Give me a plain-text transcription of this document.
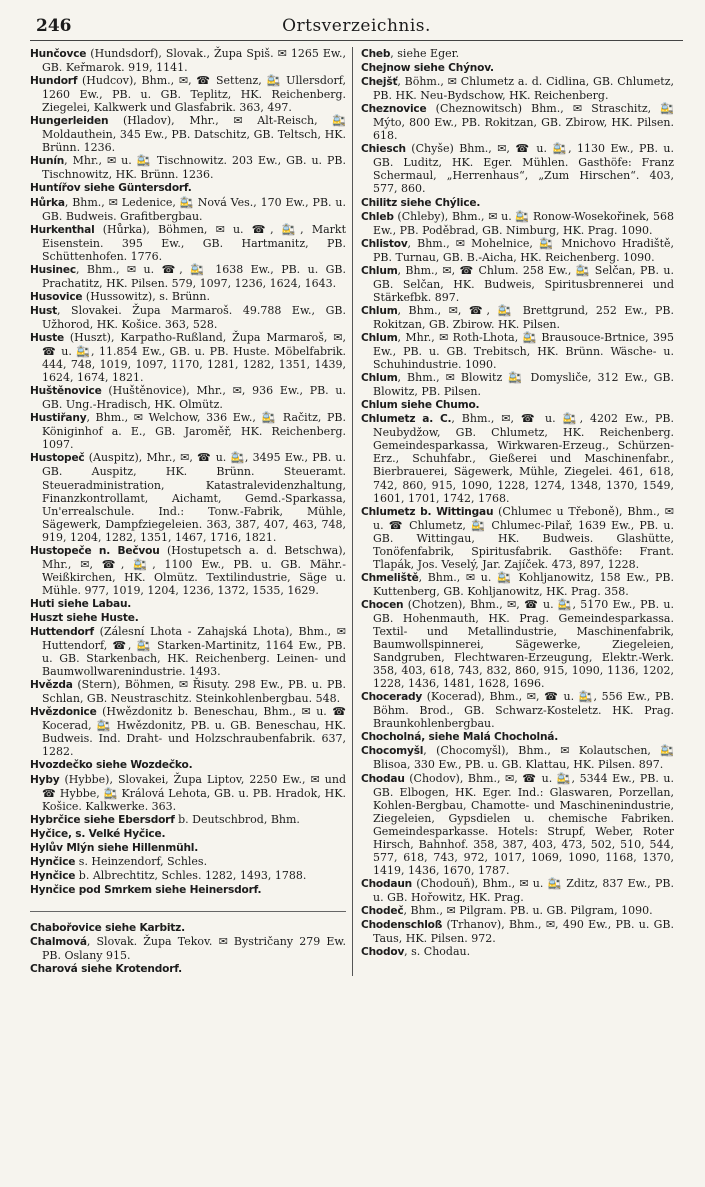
246	Ortsverzeichnis.

Hunčovce (Hundsdorf), Slovak., Župa Spiš. ✉ 1265 Ew., GB. Keřmarok. 919, 1141.

Hundorf (Hudcov), Bhm., ✉, ☎ Settenz, 🚉 Ullersdorf, 1260 Ew., PB. u. GB. Teplitz, HK. Reichenberg. Ziegelei, Kalkwerk und Glasfabrik. 363, 497.

Hungerleiden (Hladov), Mhr., ✉ Alt-Reisch, 🚉 Moldauthein, 345 Ew., PB. Datschitz, GB. Teltsch, HK. Brünn. 1236.

Hunín, Mhr., ✉ u. 🚉 Tischnowitz. 203 Ew., GB. u. PB. Tischnowitz, HK. Brünn. 1236.

Huntířov siehe Güntersdorf.

Hůrka, Bhm., ✉ Ledenice, 🚉 Nová Ves., 170 Ew., PB. u. GB. Budweis. Grafitbergbau.

Hurkenthal (Hůrka), Böhmen, ✉ u. ☎, 🚉, Markt Eisenstein. 395 Ew., GB. Hartmanitz, PB. Schüttenhofen. 1776.

Husinec, Bhm., ✉ u. ☎, 🚉 1638 Ew., PB. u. GB. Prachatitz, HK. Pilsen. 579, 1097, 1236, 1624, 1643.

Husovice (Hussowitz), s. Brünn.

Hust, Slovakei. Župa Marmaroš. 49.788 Ew., GB. Užhorod, HK. Košice. 363, 528.

Huste (Huszt), Karpatho-Rußland, Župa Marmaroš, ✉, ☎ u. 🚉, 11.854 Ew., GB. u. PB. Huste. Möbelfabrik. 444, 748, 1019, 1097, 1170, 1281, 1282, 1351, 1439, 1624, 1674, 1821.

Huštěnovice (Huštěnovice), Mhr., ✉, 936 Ew., PB. u. GB. Ung.-Hradisch, HK. Olmütz.

Hustiřany, Bhm., ✉ Welchow, 336 Ew., 🚉 Račitz, PB. Königinhof a. E., GB. Jaroměř, HK. Reichenberg. 1097.

Hustopeč (Auspitz), Mhr., ✉, ☎ u. 🚉, 3495 Ew., PB. u. GB. Auspitz, HK. Brünn. Steueramt. Steueradministration, Katastralevidenzhaltung, Finanzkontrollamt, Aichamt, Gemd.-Sparkassa, Un'errealschule. Ind.: Tonw.-Fabrik, Mühle, Sägewerk, Dampfziegeleien. 363, 387, 407, 463, 748, 919, 1204, 1282, 1351, 1467, 1716, 1821.

Hustopeče n. Bečvou (Hostupetsch a. d. Betschwa), Mhr., ✉, ☎, 🚉, 1100 Ew., PB. u. GB. Mähr.-Weißkirchen, HK. Olmütz. Textilindustrie, Säge u. Mühle. 977, 1019, 1204, 1236, 1372, 1535, 1629.

Huti siehe Labau.

Huszt siehe Huste.

Huttendorf (Zálesní Lhota - Zahajská Lhota), Bhm., ✉ Huttendorf, ☎, 🚉 Starken-Martinitz, 1164 Ew., PB. u. GB. Starkenbach, HK. Reichenberg. Leinen- und Baumwollwarenindustrie. 1493.

Hvězda (Stern), Böhmen, ✉ Řisuty. 298 Ew., PB. u. PB. Schlan, GB. Neustraschitz. Steinkohlenbergbau. 548.

Hvězdonice (Hwězdonitz b. Beneschau, Bhm., ✉ u. ☎ Kocerad, 🚉 Hwězdonitz, PB. u. GB. Beneschau, HK. Budweis. Ind. Draht- und Holzschraubenfabrik. 637, 1282.

Hvozdečko siehe Wozdečko.

Hyby (Hybbe), Slovakei, Župa Liptov, 2250 Ew., ✉ und ☎ Hybbe, 🚉 Králová Lehota, GB. u. PB. Hradok, HK. Košice. Kalkwerke. 363.

Hybrčice siehe Ebersdorf b. Deutschbrod, Bhm.

Hyčice, s. Velké Hyčice.

Hylův Mlýn siehe Hillenmühl.

Hynčice s. Heinzendorf, Schles.

Hynčice b. Albrechtitz, Schles. 1282, 1493, 1788.

Hynčice pod Smrkem siehe Heinersdorf.

Chabořovice siehe Karbitz.

Chalmová, Slovak. Župa Tekov. ✉ Bystričany 279 Ew. PB. Oslany 915.

Charová siehe Krotendorf.

Cheb, siehe Eger.

Chejnow siehe Chýnov.

Chejšť, Böhm., ✉ Chlumetz a. d. Cidlina, GB. Chlumetz, PB. HK. Neu-Bydschow, HK. Reichenberg.

Cheznovice (Cheznowitsch) Bhm., ✉ Straschitz, 🚉 Mýto, 800 Ew., PB. Rokitzan, GB. Zbirow, HK. Pilsen. 618.

Chiesch (Chyše) Bhm., ✉, ☎ u. 🚉, 1130 Ew., PB. u. GB. Luditz, HK. Eger. Mühlen. Gasthöfe: Franz Schermaul, „Herrenhaus“, „Zum Hirschen“. 403, 577, 860.

Chilitz siehe Chýlice.

Chleb (Chleby), Bhm., ✉ u. 🚉 Ronow-Wosekořinek, 568 Ew., PB. Poděbrad, GB. Nimburg, HK. Prag. 1090.

Chlistov, Bhm., ✉ Mohelnice, 🚉 Mnichovo Hradiště, PB. Turnau, GB. B.-Aicha, HK. Reichenberg. 1090.

Chlum, Bhm., ✉, ☎ Chlum. 258 Ew., 🚉 Selčan, PB. u. GB. Selčan, HK. Budweis, Spiritusbrennerei und Stärkefbk. 897.

Chlum, Bhm., ✉, ☎, 🚉 Brettgrund, 252 Ew., PB. Rokitzan, GB. Zbirow. HK. Pilsen.

Chlum, Mhr., ✉ Roth-Lhota, 🚉 Brausouce-Brtnice, 395 Ew., PB. u. GB. Trebitsch, HK. Brünn. Wäsche- u. Schuhindustrie. 1090.

Chlum, Bhm., ✉ Blowitz 🚉 Domysliče, 312 Ew., GB. Blowitz, PB. Pilsen.

Chlum siehe Chumo.

Chlumetz a. C., Bhm., ✉, ☎ u. 🚉, 4202 Ew., PB. Neubydžow, GB. Chlumetz, HK. Reichenberg. Gemeindesparkassa, Wirkwaren-Erzeug., Schürzen-Erz., Schuhfabr., Gießerei und Maschinenfabr., Bierbrauerei, Sägewerk, Mühle, Ziegelei. 461, 618, 742, 860, 915, 1090, 1228, 1274, 1348, 1370, 1549, 1601, 1701, 1742, 1768.

Chlumetz b. Wittingau (Chlumec u Třeboně), Bhm., ✉ u. ☎ Chlumetz, 🚉 Chlumec-Pilař, 1639 Ew., PB. u. GB. Wittingau, HK. Budweis. Glashütte, Tonöfenfabrik, Spiritusfabrik. Gasthöfe: Frant. Tlapák, Jos. Veselý, Jar. Zajíček. 473, 897, 1228.

Chmeliště, Bhm., ✉ u. 🚉 Kohljanowitz, 158 Ew., PB. Kuttenberg, GB. Kohljanowitz, HK. Prag. 358.

Chocen (Chotzen), Bhm., ✉, ☎ u. 🚉, 5170 Ew., PB. u. GB. Hohenmauth, HK. Prag. Gemeindesparkassa. Textil- und Metallindustrie, Maschinenfabrik, Baumwollspinnerei, Sägewerke, Ziegeleien, Sandgruben, Flechtwaren-Erzeugung, Elektr.-Werk. 358, 403, 618, 743, 832, 860, 915, 1090, 1136, 1202, 1228, 1436, 1481, 1628, 1696.

Chocerady (Kocerad), Bhm., ✉, ☎ u. 🚉, 556 Ew., PB. Böhm. Brod., GB. Schwarz-Kosteletz. HK. Prag. Braunkohlenbergbau.

Chocholná, siehe Malá Chocholná.

Chocomyšl, (Chocomyšl), Bhm., ✉ Kolautschen, 🚉 Blisoa, 330 Ew., PB. u. GB. Klattau, HK. Pilsen. 897.

Chodau (Chodov), Bhm., ✉, ☎ u. 🚉, 5344 Ew., PB. u. GB. Elbogen, HK. Eger. Ind.: Glaswaren, Porzellan, Kohlen-Bergbau, Chamotte- und Maschinenindustrie, Ziegeleien, Gypsdielen u. chemische Fabriken. Gemeindesparkasse. Hotels: Strupf, Weber, Roter Hirsch, Bahnhof. 358, 387, 403, 473, 502, 510, 544, 577, 618, 743, 972, 1017, 1069, 1090, 1168, 1370, 1419, 1436, 1670, 1787.

Chodaun (Chodouň), Bhm., ✉ u. 🚉 Zditz, 837 Ew., PB. u. GB. Hořowitz, HK. Prag.

Chodeč, Bhm., ✉ Pilgram. PB. u. GB. Pilgram, 1090.

Chodenschloß (Trhanov), Bhm., ✉, 490 Ew., PB. u. GB. Taus, HK. Pilsen. 972.

Chodov, s. Chodau.
